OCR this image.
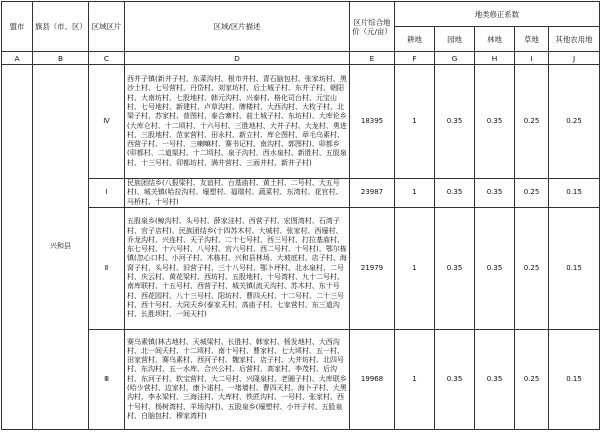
盟市	旗县（市、区）	区域区片	区域/区片描述	区片综合地价（元/亩）	地类修正系数				
					耕地	园地	林地	草地	其他农用地
A	B	C	D	E	F	G	H	I	J
	兴和县	Ⅳ	西井子镇(新井子村、东菜沟村、根市井村、青石脑包村、张家坊村、黑沙土村、七号营村、丹岱村、刘家坊村、后土城子村、东井子村、朝阳村、大南坊村、七股地村、韩元沟村、兴泰村、格化司台村、元宝山村、七号地村、新建村、卢草沟村、牌楼村、大西沟村、大枚子村、北梁子村、苏家村、普图村、泰合寨村、前土城子村、东坊村)、大库伦乡(大库仑村、十二顷村、十六号村、三胜地村、大井子村、大龙村、勇进村、三股地村、范家营村、田永村、新立村、库仑图村、章毛乌素村、西营子村、一号村、三喇嘛村、赛书记村、南沟村、郭图村)、卯都乡(卯都村、二道渠村、十二顷村、泉子沟村、西水泉村、新胜村、五股泉村、十三号村、卯都坊村、满井营村、三面井村、新井子村)	18395	1	0.35	0.35	0.25	0.25
		Ⅰ	民族团结乡(八报梁村、友谊村、台基庙村、黄土村、二号村、大五号村)、城关镇(哈拉沟村、壕塑村、福瑞村、蔬菜村、东湾村、花官村、马桥村、十号村)	23987	1	0.35	0.35	0.25	0.15
		Ⅱ	五股泉乡(鲸沟村、头号村、薛家洼村、西营子村、宏图湾村、石湾子村、官子店村)、民族团结乡(十四苏木村、大城村、张家村、西壕村、乔龙沟村、兴连村、天子沟村、二十七号村、西三号村、打拉基庙村、东七号村、十六号村、八号村、官六号村、西二号村、十号村)、鄂尔栋镇(忽心口村、小河子村、木栋村、兴和县林场、大坡底村、店子村、海窝子村、头号村、旧营子村、三十八号村、鄂卜坪村、北水泉村、二号村、庆云村、黄花梁村、西坊村、五股地村、十号湾村、九十二号村、南库联村、十五号村、西营子村、城关镇(流天沟村、苏木村、东十号村、西花园村、八十三号村、阳坊村、曹四夭村、十二号村、二十三号村、西十号村、大同夭乡(泰家天村、高庙子村、七家营村、东三道沟村、长胜坝村、一间天村)	21979	1	0.35	0.35	0.25	0.15
		Ⅲ	赛乌素镇(林古地村、天城梁村、长胜村、韩家村、杨发地村、大西沟村、北一间夭村、十二顷村、南十号村、曹家村、七大顷村、五一村、田家营村、赛乌素村、西河子村、魏家村、店子村、大井坊村、北四号村、东沟村、五一水库、合兴公村、后营村、高家村、李茂村、后沟村、东河子村、软宝营村、大二号村、兴隆泉村、老圈子村)、大库联乡(哈少营村、边家村、康卜诺村、一堵墙村、曹四天村、海卜子村、大黑沟村、李永梁村、三海洼村、大库村、铁匠沟村、一号村、张家村、西十号村、杨树湾村、羊场沟村)、五股泉乡(壕塑村、小井子村、五股泉村、白脑包村、穆家湾村)	19968	1	0.35	0.35	0.25	0.15
